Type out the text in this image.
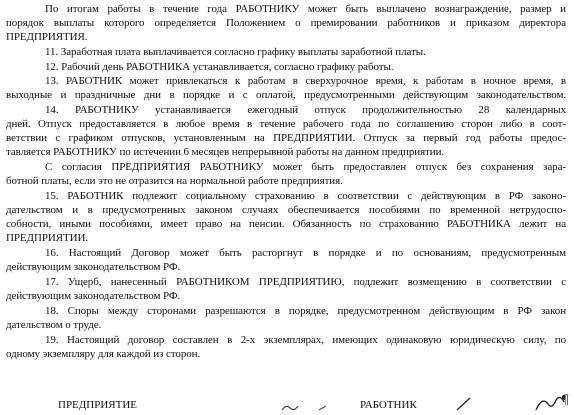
По итогам работы в течение года РАБОТНИКУ может быть выплачено вознаграждение, размер и
порядок выплаты которого определяется Положением о премировании работников и приказом директора
ПРЕДПРИЯТИЯ.
11. Заработная плата выплачивается согласно графику выплаты заработной платы.
12. Рабочий день РАБОТНИКА устанавливается, согласно графику работы.
13. РАБОТНИК может привлекаться к работам в сверхурочное время, к работам в ночное время, в
выходные и праздничные дни в порядке и с оплатой, предусмотренными действующим законодательством.
14. РАБОТНИКУ устанавливается ежегодный отпуск продолжительностью 28 календарных
дней. Отпуск предоставляется в любое время в течение рабочего года по соглашению сторон либо в соот-
ветствии с графиком отпусков, установленным на ПРЕДПРИЯТИИ. Отпуск за первый год работы предос-
тавляется РАБОТНИКУ по истечении 6 месяцев непрерывной работы на данном предприятии.
С согласия ПРЕДПРИЯТИЯ РАБОТНИКУ может быть предоставлен отпуск без сохранения зара-
ботной платы, если это не отразится на нормальной работе предприятия.
15. РАБОТНИК подлежит социальному страхованию в соответствии с действующим в РФ законо-
дательством и в предусмотренных законом случаях обеспечивается пособиями по временной нетрудоспо-
собности, иными пособиями, имеет право на пенсии. Обязанность по страхованию РАБОТНИКА лежит на
ПРЕДПРИЯТИИ.
16. Настоящий Договор может быть расторгнут в порядке и по основаниям, предусмотренным
действующим законодательством РФ.
17. Ущерб, нанесенный РАБОТНИКОМ ПРЕДПРИЯТИЮ, подлежит возмещению в соответствии с
действующим законодательством РФ.
18. Споры между сторонами разрешаются в порядке, предусмотренном действующим в РФ закон
дательством о труде.
19. Настоящий договор составлен в 2-х экземплярах, имеющих одинаковую юридическую силу, по
одному экземпляру для каждой из сторон.
ПРЕДПРИЯТИЕ	РАБОТНИК	¶
